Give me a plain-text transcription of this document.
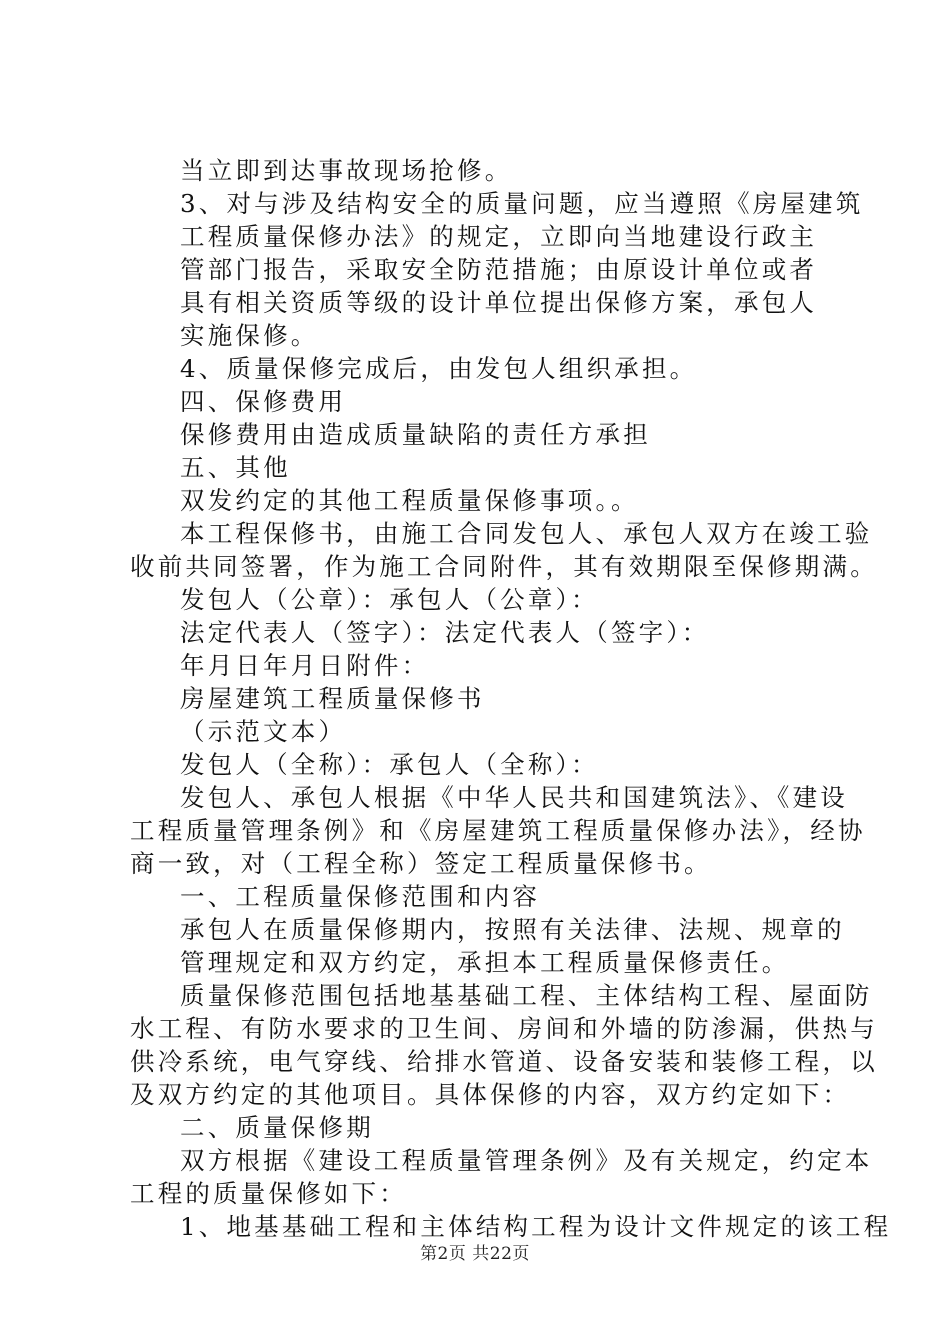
当立即到达事故现场抢修。
3、对与涉及结构安全的质量问题，应当遵照《房屋建筑
工程质量保修办法》的规定，立即向当地建设行政主
管部门报告，采取安全防范措施；由原设计单位或者
具有相关资质等级的设计单位提出保修方案，承包人
实施保修。
4、质量保修完成后，由发包人组织承担。
四、保修费用
保修费用由造成质量缺陷的责任方承担
五、其他
双发约定的其他工程质量保修事项。。
本工程保修书，由施工合同发包人、承包人双方在竣工验
收前共同签署，作为施工合同附件，其有效期限至保修期满。
发包人（公章）：承包人（公章）：
法定代表人（签字）：法定代表人（签字）：
年月日年月日附件：
房屋建筑工程质量保修书
（示范文本）
发包人（全称）：承包人（全称）：
发包人、承包人根据《中华人民共和国建筑法》、《建设
工程质量管理条例》和《房屋建筑工程质量保修办法》，经协
商一致，对（工程全称）签定工程质量保修书。
一、工程质量保修范围和内容
承包人在质量保修期内，按照有关法律、法规、规章的
管理规定和双方约定，承担本工程质量保修责任。
质量保修范围包括地基基础工程、主体结构工程、屋面防
水工程、有防水要求的卫生间、房间和外墙的防渗漏，供热与
供冷系统，电气穿线、给排水管道、设备安装和装修工程，以
及双方约定的其他项目。具体保修的内容，双方约定如下：
二、质量保修期
双方根据《建设工程质量管理条例》及有关规定，约定本
工程的质量保修如下：
1、地基基础工程和主体结构工程为设计文件规定的该工程
第2页 共22页
